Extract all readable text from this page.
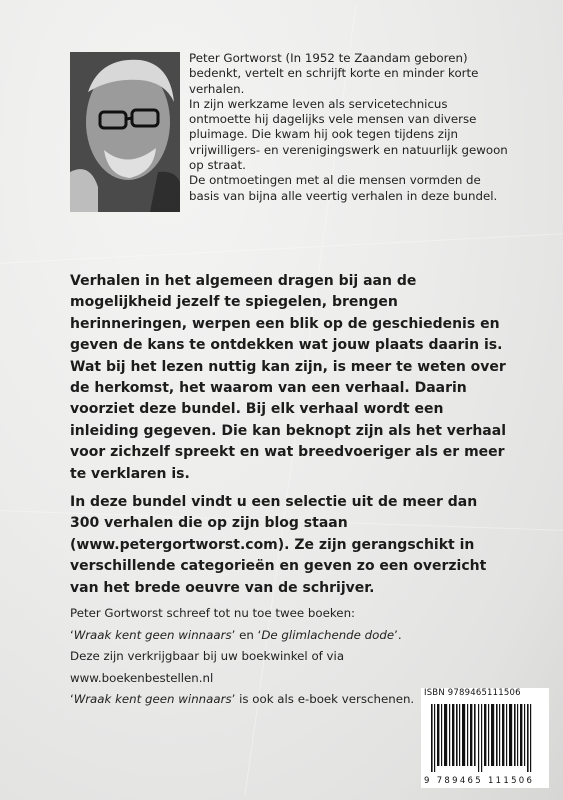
Peter Gortworst (In 1952 te Zaandam geboren) bedenkt, vertelt en schrijft korte en minder korte verhalen.

In zijn werkzame leven als servicetechnicus ontmoette hij dagelijks vele mensen van diverse pluimage. Die kwam hij ook tegen tijdens zijn vrijwilligers- en verenigingswerk en natuurlijk gewoon op straat.

De ontmoetingen met al die mensen vormden de basis van bijna alle veertig verhalen in deze bundel.

Verhalen in het algemeen dragen bij aan de mogelijkheid jezelf te spiegelen, brengen herinneringen, werpen een blik op de geschiedenis en geven de kans te ontdekken wat jouw plaats daarin is.

Wat bij het lezen nuttig kan zijn, is meer te weten over de herkomst, het waarom van een verhaal. Daarin voorziet deze bundel. Bij elk verhaal wordt een inleiding gegeven. Die kan beknopt zijn als het verhaal voor zichzelf spreekt en wat breedvoeriger als er meer te verklaren is.

In deze bundel vindt u een selectie uit de meer dan 300 verhalen die op zijn blog staan (www.petergortworst.com). Ze zijn gerangschikt in verschillende categorieën en geven zo een overzicht van het brede oeuvre van de schrijver.

Peter Gortworst schreef tot nu toe twee boeken:

‘Wraak kent geen winnaars’ en ‘De glimlachende dode’.

Deze zijn verkrijgbaar bij uw boekwinkel of via

www.boekenbestellen.nl

‘Wraak kent geen winnaars’ is ook als e-boek verschenen.	ISBN 9789465111506
9 789465 111506
